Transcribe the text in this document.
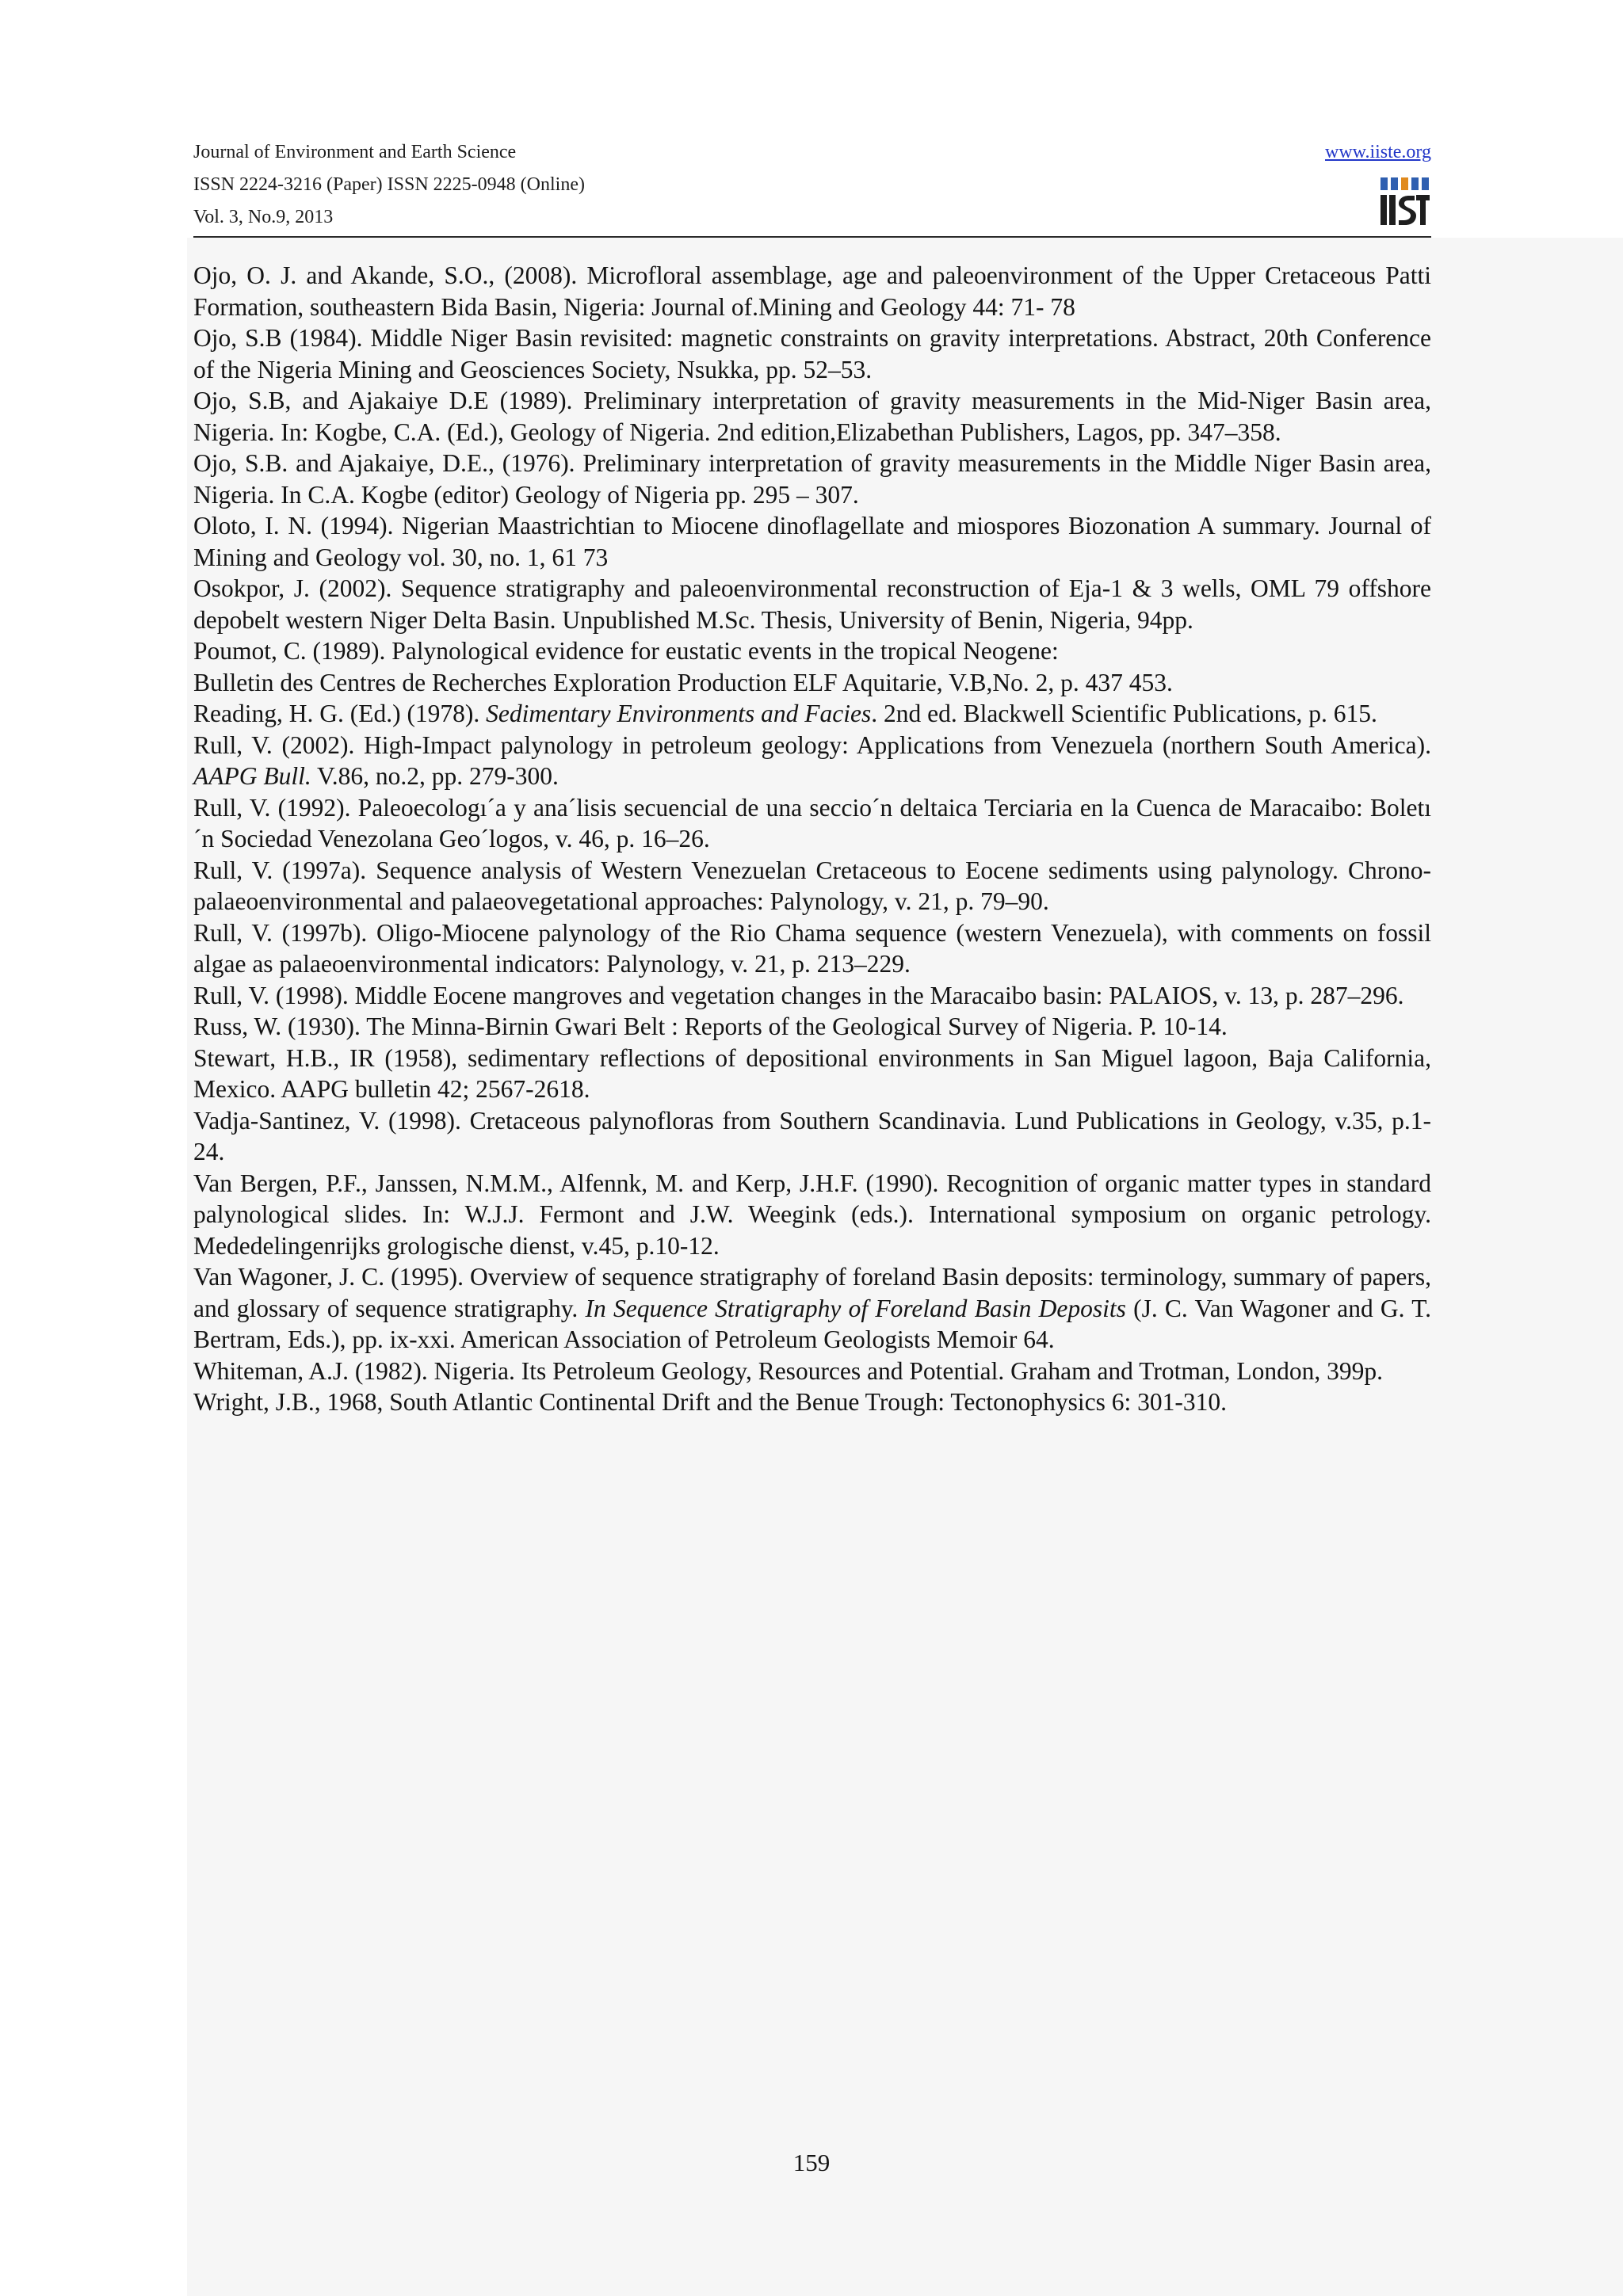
Journal of Environment and Earth Science
ISSN 2224-3216 (Paper) ISSN 2225-0948 (Online)
Vol. 3, No.9, 2013
www.iiste.org

Ojo, O. J. and Akande, S.O., (2008). Microfloral assemblage, age and paleoenvironment of the Upper Cretaceous Patti Formation, southeastern Bida Basin, Nigeria: Journal of.Mining and Geology 44: 71- 78

Ojo, S.B (1984). Middle Niger Basin revisited: magnetic constraints on gravity interpretations. Abstract, 20th Conference of the Nigeria Mining and Geosciences Society, Nsukka, pp. 52–53.

Ojo, S.B, and Ajakaiye D.E (1989). Preliminary interpretation of gravity measurements in the Mid-Niger Basin area, Nigeria. In: Kogbe, C.A. (Ed.), Geology of Nigeria. 2nd edition,Elizabethan Publishers, Lagos, pp. 347–358.

Ojo, S.B. and Ajakaiye, D.E., (1976). Preliminary interpretation of gravity measurements in the Middle Niger Basin area, Nigeria. In C.A. Kogbe (editor) Geology of Nigeria pp. 295 – 307.

Oloto, I. N. (1994). Nigerian Maastrichtian to Miocene dinoflagellate and miospores Biozonation A summary. Journal of Mining and Geology vol. 30, no. 1, 61 73

Osokpor, J. (2002). Sequence stratigraphy and paleoenvironmental reconstruction of Eja-1 & 3 wells, OML 79 offshore depobelt western Niger Delta Basin. Unpublished M.Sc. Thesis, University of Benin, Nigeria, 94pp.

Poumot, C. (1989). Palynological evidence for eustatic events in the tropical Neogene:

Bulletin des Centres de Recherches Exploration Production ELF Aquitarie, V.B,No. 2, p. 437 453.

Reading, H. G. (Ed.) (1978). Sedimentary Environments and Facies. 2nd ed. Blackwell Scientific Publications, p. 615.

Rull, V. (2002). High-Impact palynology in petroleum geology: Applications from Venezuela (northern South America). AAPG Bull. V.86, no.2, pp. 279-300.

Rull, V. (1992). Paleoecologı´a y ana´lisis secuencial de una seccio´n deltaica Terciaria en la Cuenca de Maracaibo: Boletı´n Sociedad Venezolana Geo´logos, v. 46, p. 16–26.

Rull, V. (1997a). Sequence analysis of Western Venezuelan Cretaceous to Eocene sediments using palynology. Chrono-palaeoenvironmental and palaeovegetational approaches: Palynology, v. 21, p. 79–90.

Rull, V. (1997b). Oligo-Miocene palynology of the Rio Chama sequence (western Venezuela), with comments on fossil algae as palaeoenvironmental indicators: Palynology, v. 21, p. 213–229.

Rull, V. (1998). Middle Eocene mangroves and vegetation changes in the Maracaibo basin: PALAIOS, v. 13, p. 287–296.

Russ, W. (1930). The Minna-Birnin Gwari Belt : Reports of the Geological Survey of Nigeria. P. 10-14.

Stewart, H.B., IR (1958), sedimentary reflections of depositional environments in San Miguel lagoon, Baja California, Mexico. AAPG bulletin 42; 2567-2618.

Vadja-Santinez, V. (1998). Cretaceous palynofloras from Southern Scandinavia. Lund Publications in Geology, v.35, p.1-24.

Van Bergen, P.F., Janssen, N.M.M., Alfennk, M. and Kerp, J.H.F. (1990). Recognition of organic matter types in standard palynological slides. In: W.J.J. Fermont and J.W. Weegink (eds.). International symposium on organic petrology. Mededelingenrijks grologische dienst, v.45, p.10-12.

Van Wagoner, J. C. (1995). Overview of sequence stratigraphy of foreland Basin deposits: terminology, summary of papers, and glossary of sequence stratigraphy. In Sequence Stratigraphy of Foreland Basin Deposits (J. C. Van Wagoner and G. T. Bertram, Eds.), pp. ix-xxi. American Association of Petroleum Geologists Memoir 64.

Whiteman, A.J. (1982). Nigeria. Its Petroleum Geology, Resources and Potential. Graham and Trotman, London, 399p.

Wright, J.B., 1968, South Atlantic Continental Drift and the Benue Trough: Tectonophysics 6: 301-310.

159
